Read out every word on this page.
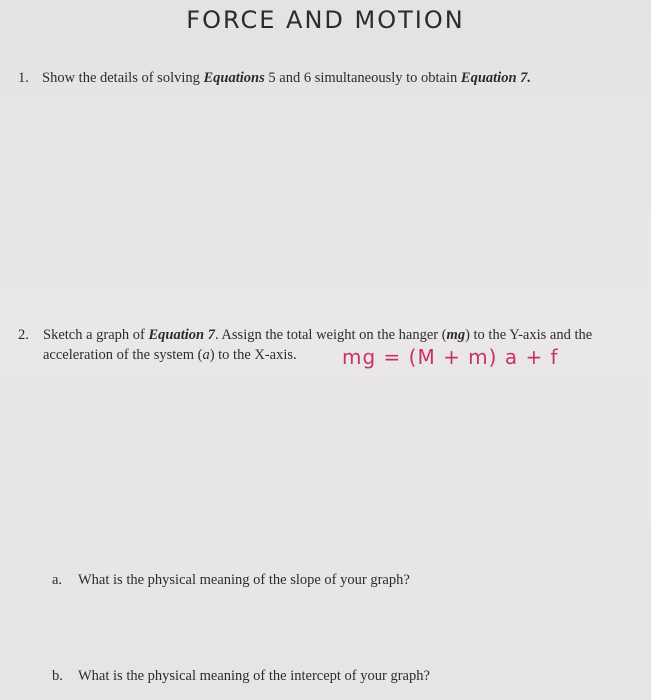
FORCE AND MOTION
1. Show the details of solving Equations 5 and 6 simultaneously to obtain Equation 7.
2. Sketch a graph of Equation 7. Assign the total weight on the hanger (mg) to the Y-axis and the
acceleration of the system (a) to the X-axis. mg = (M + m) a + f
a. What is the physical meaning of the slope of your graph?
b. What is the physical meaning of the intercept of your graph?
